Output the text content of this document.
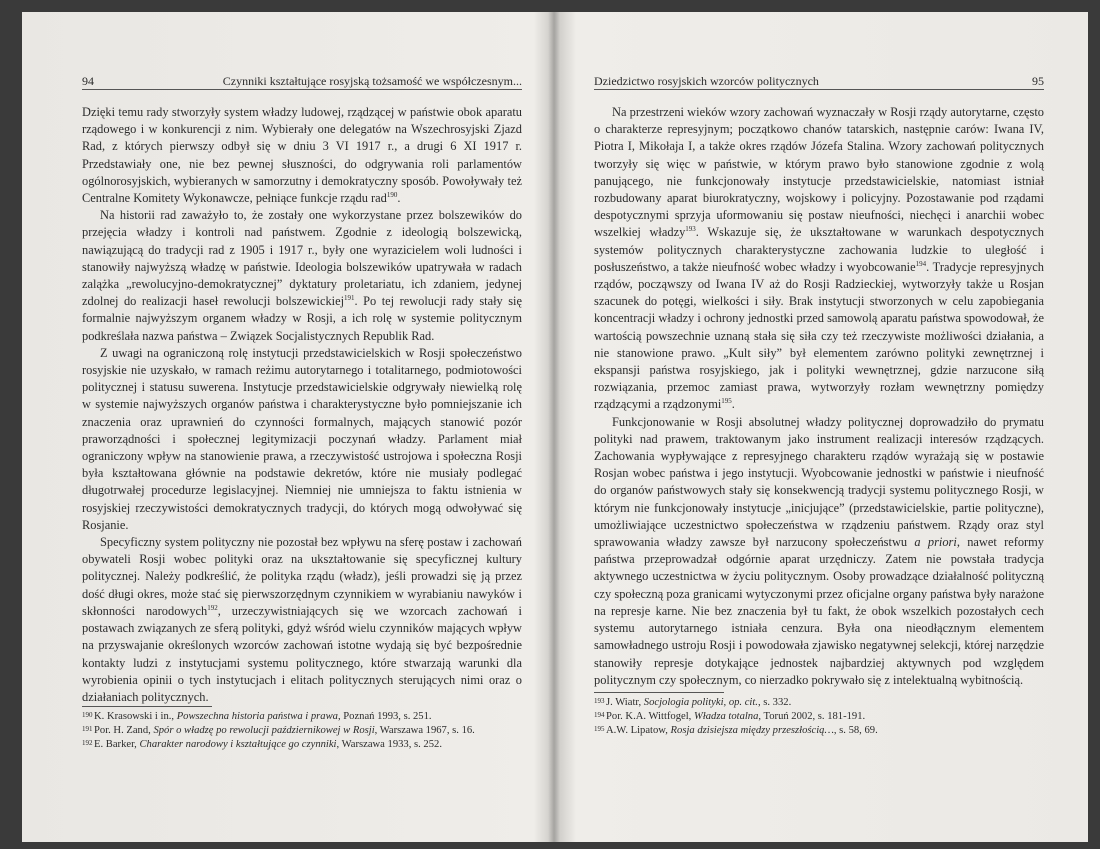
94	Czynniki kształtujące rosyjską tożsamość we współczesnym...

Dzięki temu rady stworzyły system władzy ludowej, rządzącej w państwie obok aparatu rządowego i w konkurencji z nim. Wybierały one delegatów na Wszechrosyjski Zjazd Rad, z których pierwszy odbył się w dniu 3 VI 1917 r., a drugi 6 XI 1917 r. Przedstawiały one, nie bez pewnej słuszności, do odgrywania roli parlamentów ogólnorosyjskich, wybieranych w samorzutny i demokratyczny sposób. Powoływały też Centralne Komitety Wykonawcze, pełniące funkcje rządu rad$^{190}$.

Na historii rad zaważyło to, że zostały one wykorzystane przez bolszewików do przejęcia władzy i kontroli nad państwem. Zgodnie z ideologią bolszewicką, nawiązującą do tradycji rad z 1905 i 1917 r., były one wyrazicielem woli ludności i stanowiły najwyższą władzę w państwie. Ideologia bolszewików upatrywała w radach zalążka „rewolucyjno-demokratycznej” dyktatury proletariatu, ich zdaniem, jedynej zdolnej do realizacji haseł rewolucji bolszewickiej$^{191}$. Po tej rewolucji rady stały się formalnie najwyższym organem władzy w Rosji, a ich rolę w systemie politycznym podkreślała nazwa państwa – Związek Socjalistycznych Republik Rad.

Z uwagi na ograniczoną rolę instytucji przedstawicielskich w Rosji społeczeństwo rosyjskie nie uzyskało, w ramach reżimu autorytarnego i totalitarnego, podmiotowości politycznej i statusu suwerena. Instytucje przedstawicielskie odgrywały niewielką rolę w systemie najwyższych organów państwa i charakterystyczne było pomniejszanie ich znaczenia oraz uprawnień do czynności formalnych, mających stanowić pozór praworządności i społecznej legitymizacji poczynań władzy. Parlament miał ograniczony wpływ na stanowienie prawa, a rzeczywistość ustrojowa i społeczna Rosji była kształtowana głównie na podstawie dekretów, które nie musiały podlegać długotrwałej procedurze legislacyjnej. Niemniej nie umniejsza to faktu istnienia w rosyjskiej rzeczywistości demokratycznych tradycji, do których mogą odwoływać się Rosjanie.

Specyficzny system polityczny nie pozostał bez wpływu na sferę postaw i zachowań obywateli Rosji wobec polityki oraz na ukształtowanie się specyficznej kultury politycznej. Należy podkreślić, że polityka rządu (władz), jeśli prowadzi się ją przez dość długi okres, może stać się pierwszorzędnym czynnikiem w wyrabianiu nawyków i skłonności narodowych$^{192}$, urzeczywistniających się we wzorcach zachowań i postawach związanych ze sferą polityki, gdyż wśród wielu czynników mających wpływ na przyswajanie określonych wzorców zachowań istotne wydają się być bezpośrednie kontakty ludzi z instytucjami systemu politycznego, które stwarzają warunki dla wyrobienia opinii o tych instytucjach i elitach politycznych sterujących nimi oraz o działaniach politycznych.

190 K. Krasowski i in., Powszechna historia państwa i prawa, Poznań 1993, s. 251.
191 Por. H. Zand, Spór o władzę po rewolucji październikowej w Rosji, Warszawa 1967, s. 16.
192 E. Barker, Charakter narodowy i kształtujące go czynniki, Warszawa 1933, s. 252.
Dziedzictwo rosyjskich wzorców politycznych	95

Na przestrzeni wieków wzory zachowań wyznaczały w Rosji rządy autorytarne, często o charakterze represyjnym; początkowo chanów tatarskich, następnie carów: Iwana IV, Piotra I, Mikołaja I, a także okres rządów Józefa Stalina. Wzory zachowań politycznych tworzyły się więc w państwie, w którym prawo było stanowione zgodnie z wolą panującego, nie funkcjonowały instytucje przedstawicielskie, natomiast istniał rozbudowany aparat biurokratyczny, wojskowy i policyjny. Pozostawanie pod rządami despotycznymi sprzyja uformowaniu się postaw nieufności, niechęci i anarchii wobec wszelkiej władzy$^{193}$. Wskazuje się, że ukształtowane w warunkach despotycznych systemów politycznych charakterystyczne zachowania ludzkie to uległość i posłuszeństwo, a także nieufność wobec władzy i wyobcowanie$^{194}$. Tradycje represyjnych rządów, począwszy od Iwana IV aż do Rosji Radzieckiej, wytworzyły także u Rosjan szacunek do potęgi, wielkości i siły. Brak instytucji stworzonych w celu zapobiegania koncentracji władzy i ochrony jednostki przed samowolą aparatu państwa spowodował, że wartością powszechnie uznaną stała się siła czy też rzeczywiste możliwości działania, a nie stanowione prawo. „Kult siły” był elementem zarówno polityki zewnętrznej i ekspansji państwa rosyjskiego, jak i polityki wewnętrznej, gdzie narzucone siłą rozwiązania, przemoc zamiast prawa, wytworzyły rozłam wewnętrzny pomiędzy rządzącymi a rządzonymi$^{195}$.

Funkcjonowanie w Rosji absolutnej władzy politycznej doprowadziło do prymatu polityki nad prawem, traktowanym jako instrument realizacji interesów rządzących. Zachowania wypływające z represyjnego charakteru rządów wyrażają się w postawie Rosjan wobec państwa i jego instytucji. Wyobcowanie jednostki w państwie i nieufność do organów państwowych stały się konsekwencją tradycji systemu politycznego Rosji, w którym nie funkcjonowały instytucje „inicjujące” (przedstawicielskie, partie polityczne), umożliwiające uczestnictwo społeczeństwa w rządzeniu państwem. Rządy oraz styl sprawowania władzy zawsze był narzucony społeczeństwu a priori, nawet reformy państwa przeprowadzał odgórnie aparat urzędniczy. Zatem nie powstała tradycja aktywnego uczestnictwa w życiu politycznym. Osoby prowadzące działalność polityczną czy społeczną poza granicami wytyczonymi przez oficjalne organy państwa były narażone na represje karne. Nie bez znaczenia był tu fakt, że obok wszelkich pozostałych cech systemu autorytarnego istniała cenzura. Była ona nieodłącznym elementem samowładnego ustroju Rosji i powodowała zjawisko negatywnej selekcji, której narzędzie stanowiły represje dotykające jednostek najbardziej aktywnych pod względem politycznym czy społecznym, co nierzadko pokrywało się z intelektualną wybitnością.

193 J. Wiatr, Socjologia polityki, op. cit., s. 332.
194 Por. K.A. Wittfogel, Władza totalna, Toruń 2002, s. 181-191.
195 A.W. Lipatow, Rosja dzisiejsza między przeszłością…, s. 58, 69.
